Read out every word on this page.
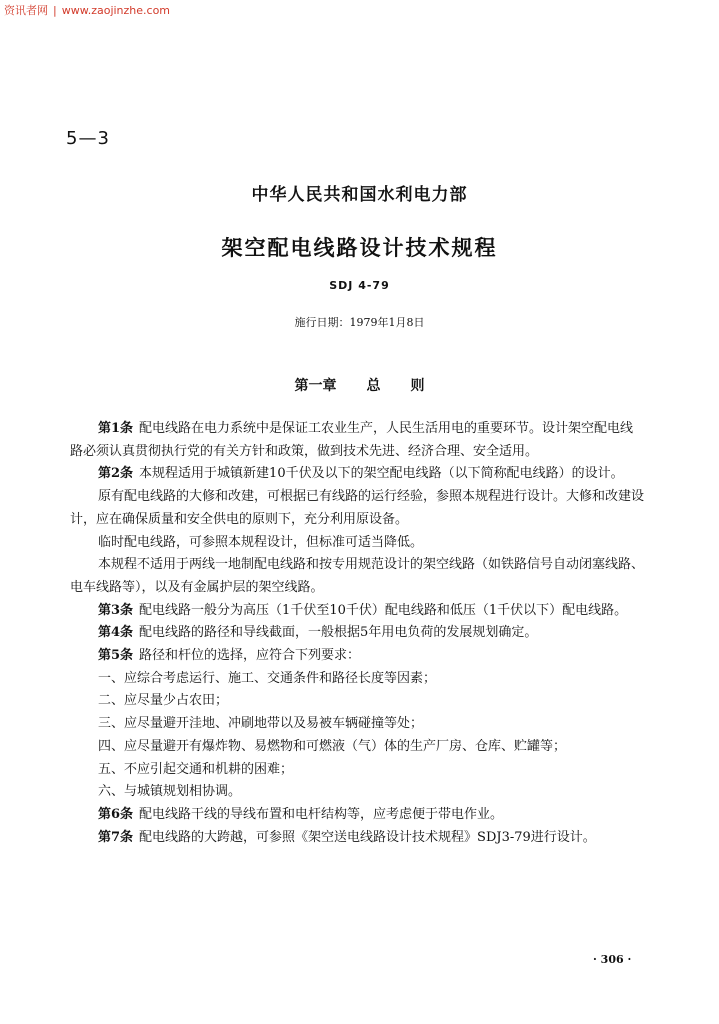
资讯者网 | www.zaojinzhe.com
5—3
中华人民共和国水利电力部
架空配电线路设计技术规程
SDJ 4-79
施行日期：1979年1月8日
第一章 总 则

第1条 配电线路在电力系统中是保证工农业生产，人民生活用电的重要环节。设计架空配电线路必须认真贯彻执行党的有关方针和政策，做到技术先进、经济合理、安全适用。

第2条 本规程适用于城镇新建10千伏及以下的架空配电线路（以下简称配电线路）的设计。

原有配电线路的大修和改建，可根据已有线路的运行经验，参照本规程进行设计。大修和改建设计，应在确保质量和安全供电的原则下，充分利用原设备。

临时配电线路，可参照本规程设计，但标准可适当降低。

本规程不适用于两线一地制配电线路和按专用规范设计的架空线路（如铁路信号自动闭塞线路、电车线路等），以及有金属护层的架空线路。

第3条 配电线路一般分为高压（1千伏至10千伏）配电线路和低压（1千伏以下）配电线路。

第4条 配电线路的路径和导线截面，一般根据5年用电负荷的发展规划确定。

第5条 路径和杆位的选择，应符合下列要求：

一、应综合考虑运行、施工、交通条件和路径长度等因素；

二、应尽量少占农田；

三、应尽量避开洼地、冲刷地带以及易被车辆碰撞等处；

四、应尽量避开有爆炸物、易燃物和可燃液（气）体的生产厂房、仓库、贮罐等；

五、不应引起交通和机耕的困难；

六、与城镇规划相协调。

第6条 配电线路干线的导线布置和电杆结构等，应考虑便于带电作业。

第7条 配电线路的大跨越，可参照《架空送电线路设计技术规程》SDJ3-79进行设计。

· 306 ·
